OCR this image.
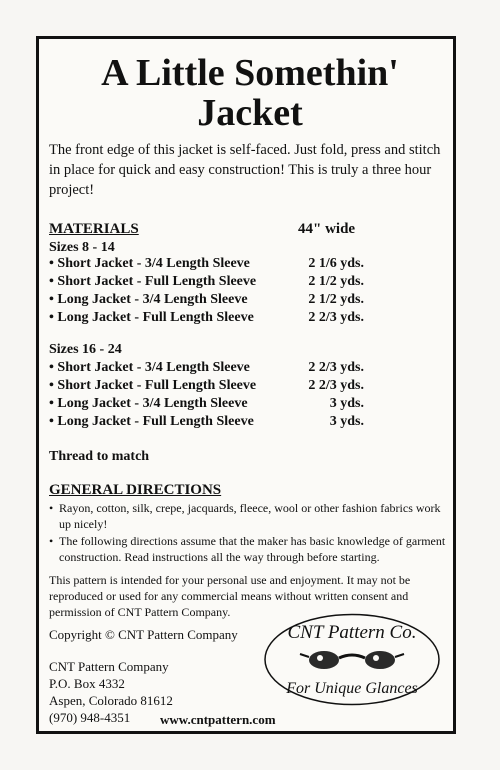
A Little Somethin'
Jacket
The front edge of this jacket is self-faced. Just fold, press and stitch in place for quick and easy construction! This is truly a three hour project!
MATERIALS	44" wide
Sizes 8 - 14
• Short Jacket - 3/4 Length Sleeve	2 1/6 yds.
• Short Jacket - Full Length Sleeve	2 1/2 yds.
• Long Jacket - 3/4 Length Sleeve	2 1/2 yds.
• Long Jacket - Full Length Sleeve	2 2/3 yds.
Sizes 16 - 24
• Short Jacket - 3/4 Length Sleeve	2 2/3 yds.
• Short Jacket - Full Length Sleeve	2 2/3 yds.
• Long Jacket - 3/4 Length Sleeve	3 yds.
• Long Jacket - Full Length Sleeve	3 yds.
Thread to match
GENERAL DIRECTIONS
• Rayon, cotton, silk, crepe, jacquards, fleece, wool or other fashion fabrics work up nicely!
• The following directions assume that the maker has basic knowledge of garment construction. Read instructions all the way through before starting.
This pattern is intended for your personal use and enjoyment. It may not be reproduced or used for any commercial means without written consent and permission of CNT Pattern Company.
Copyright © CNT Pattern Company
CNT Pattern Company
P.O. Box 4332
Aspen, Colorado 81612
(970) 948-4351 www.cntpattern.com
CNT Pattern Co.
For Unique Glances
